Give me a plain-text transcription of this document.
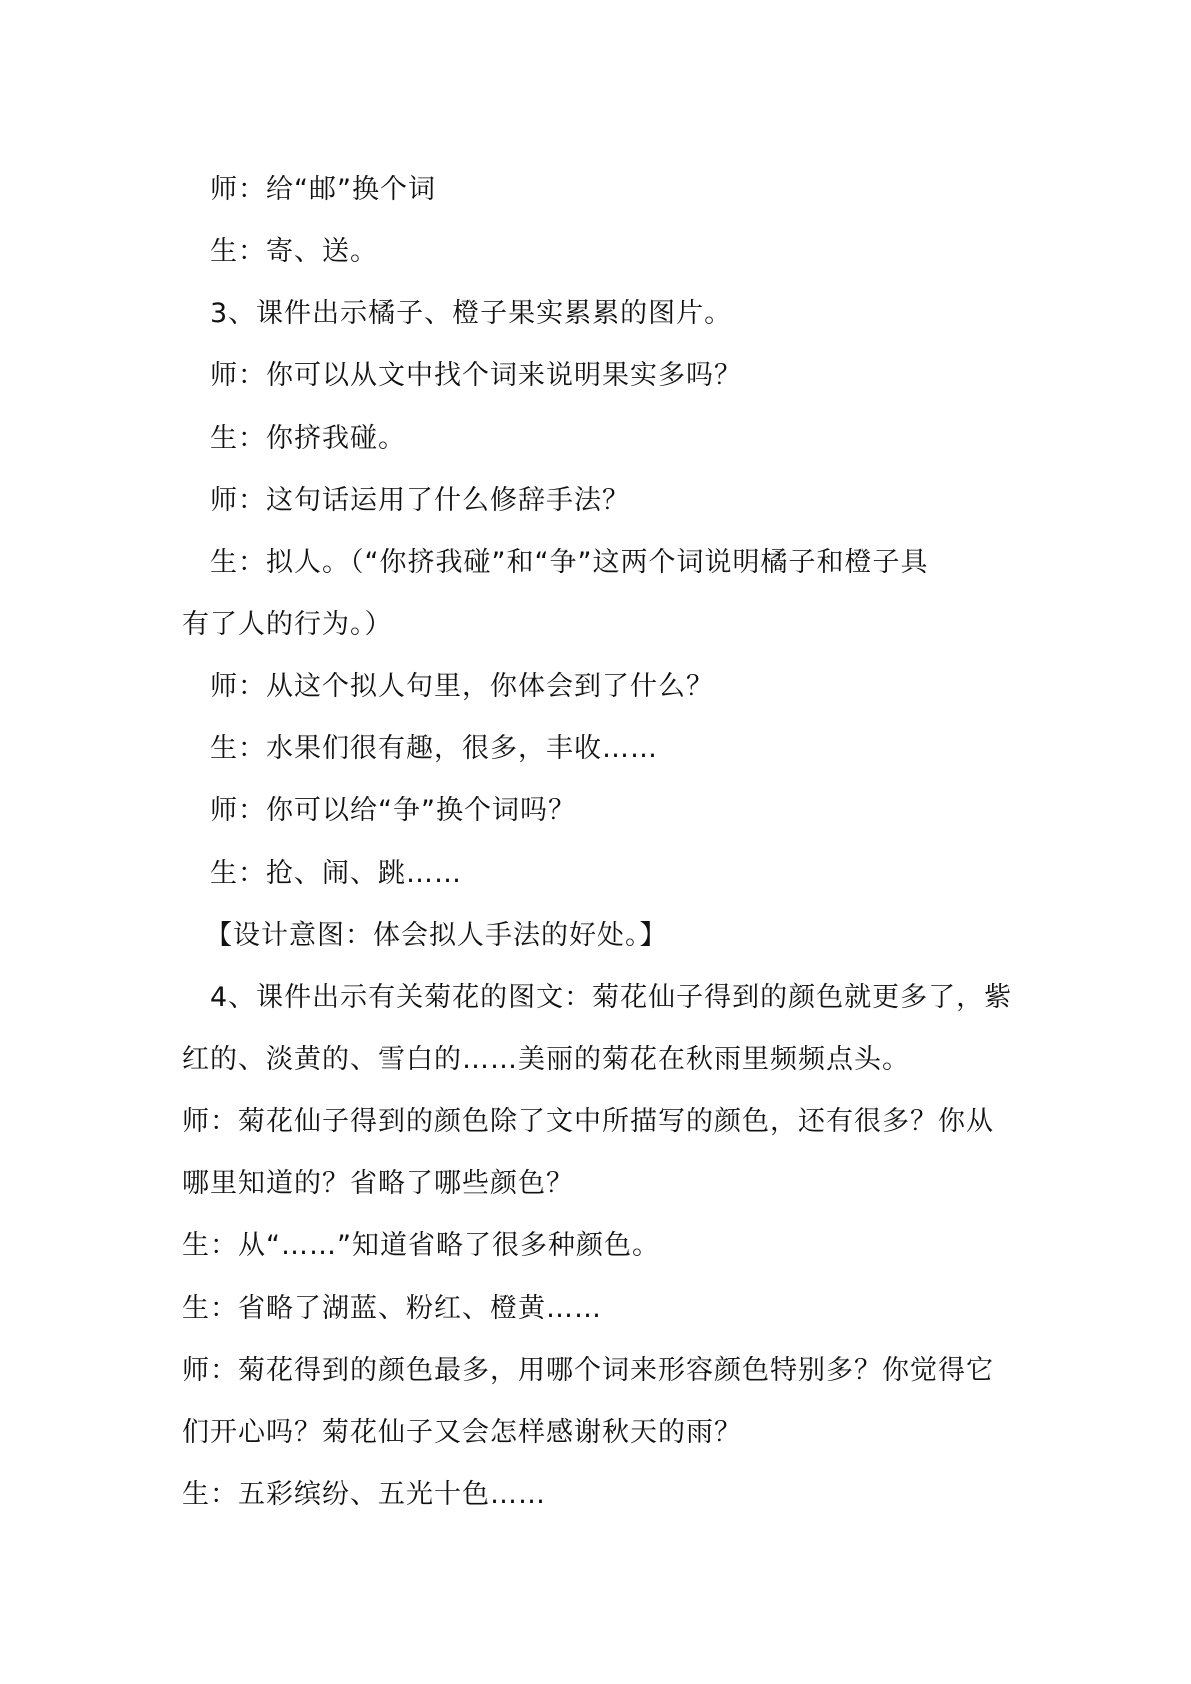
师：给“邮”换个词
生：寄、送。
3、课件出示橘子、橙子果实累累的图片。
师：你可以从文中找个词来说明果实多吗？
生：你挤我碰。
师：这句话运用了什么修辞手法？
生：拟人。（“你挤我碰”和“争”这两个词说明橘子和橙子具
有了人的行为。）
师：从这个拟人句里，你体会到了什么？
生：水果们很有趣，很多，丰收……
师：你可以给“争”换个词吗？
生：抢、闹、跳……
【设计意图：体会拟人手法的好处。】
4、课件出示有关菊花的图文：菊花仙子得到的颜色就更多了，紫
红的、淡黄的、雪白的……美丽的菊花在秋雨里频频点头。
师：菊花仙子得到的颜色除了文中所描写的颜色，还有很多？你从
哪里知道的？省略了哪些颜色？
生：从“……”知道省略了很多种颜色。
生：省略了湖蓝、粉红、橙黄……
师：菊花得到的颜色最多，用哪个词来形容颜色特别多？你觉得它
们开心吗？菊花仙子又会怎样感谢秋天的雨？
生：五彩缤纷、五光十色……
